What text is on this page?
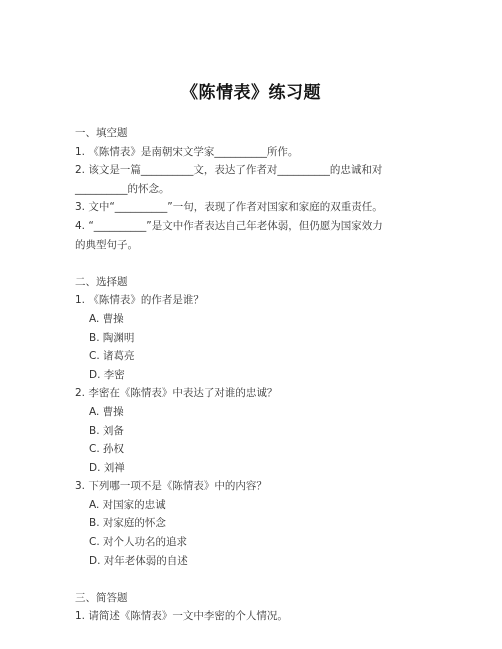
《陈情表》练习题
一、填空题
1. 《陈情表》是南朝宋文学家__________所作。
2. 该文是一篇__________文，表达了作者对__________的忠诚和对
__________的怀念。
3. 文中“__________”一句，表现了作者对国家和家庭的双重责任。
4. “__________”是文中作者表达自己年老体弱，但仍愿为国家效力
的典型句子。
二、选择题
1. 《陈情表》的作者是谁？
A. 曹操
B. 陶渊明
C. 诸葛亮
D. 李密
2. 李密在《陈情表》中表达了对谁的忠诚？
A. 曹操
B. 刘备
C. 孙权
D. 刘禅
3. 下列哪一项不是《陈情表》中的内容？
A. 对国家的忠诚
B. 对家庭的怀念
C. 对个人功名的追求
D. 对年老体弱的自述
三、简答题
1. 请简述《陈情表》一文中李密的个人情况。
